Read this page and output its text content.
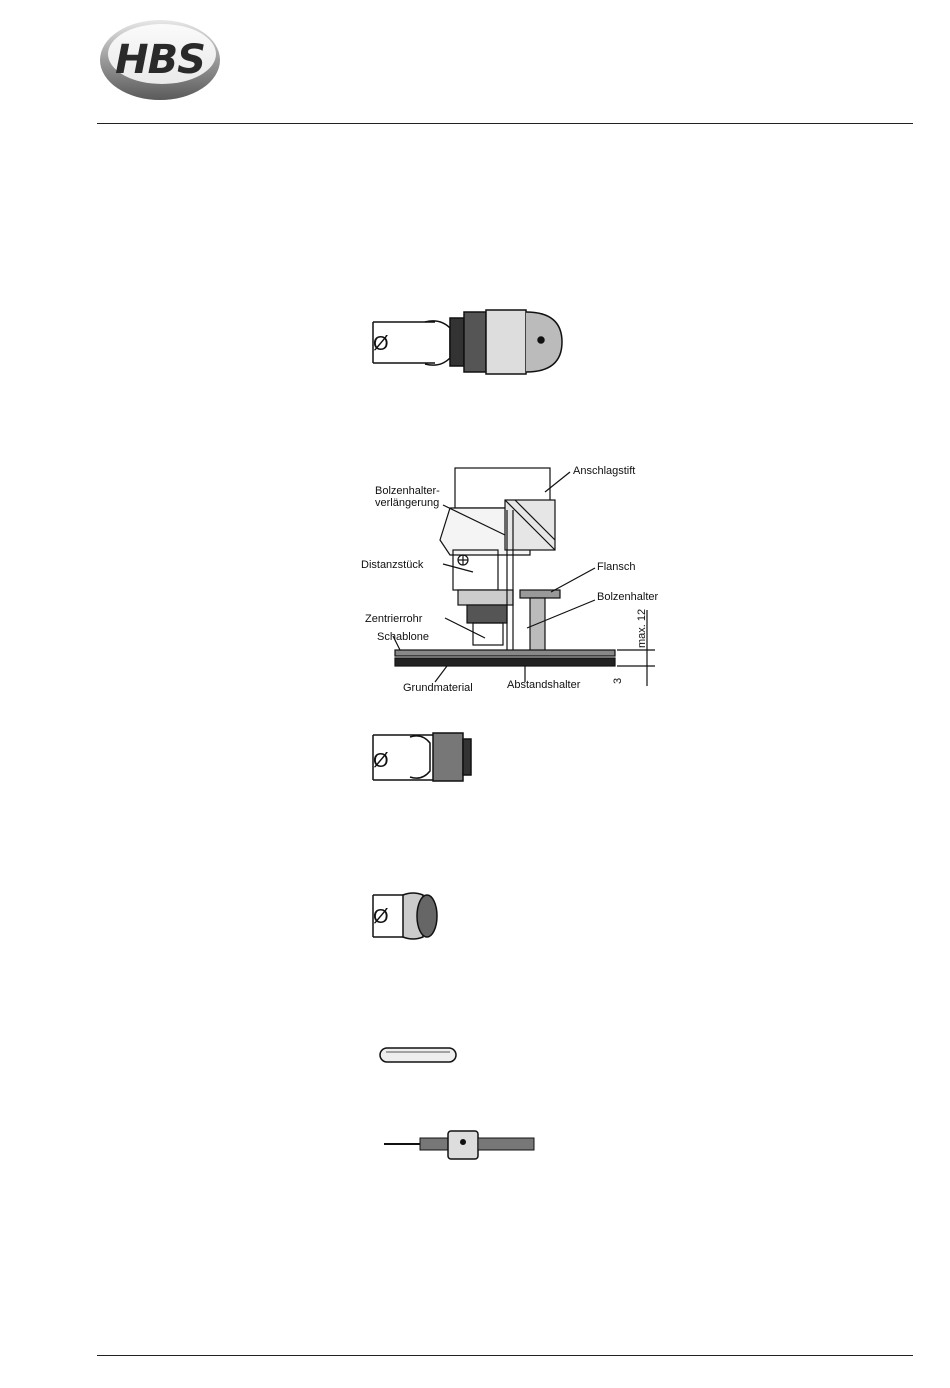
HBS
Ø
Anschlagstift
Bolzenhalter-
verlängerung
Distanzstück	Flansch
Bolzenhalter
Zentrierrohr
Schablone
Grundmaterial	Abstandshalter
max. 12
3
Ø
Ø
